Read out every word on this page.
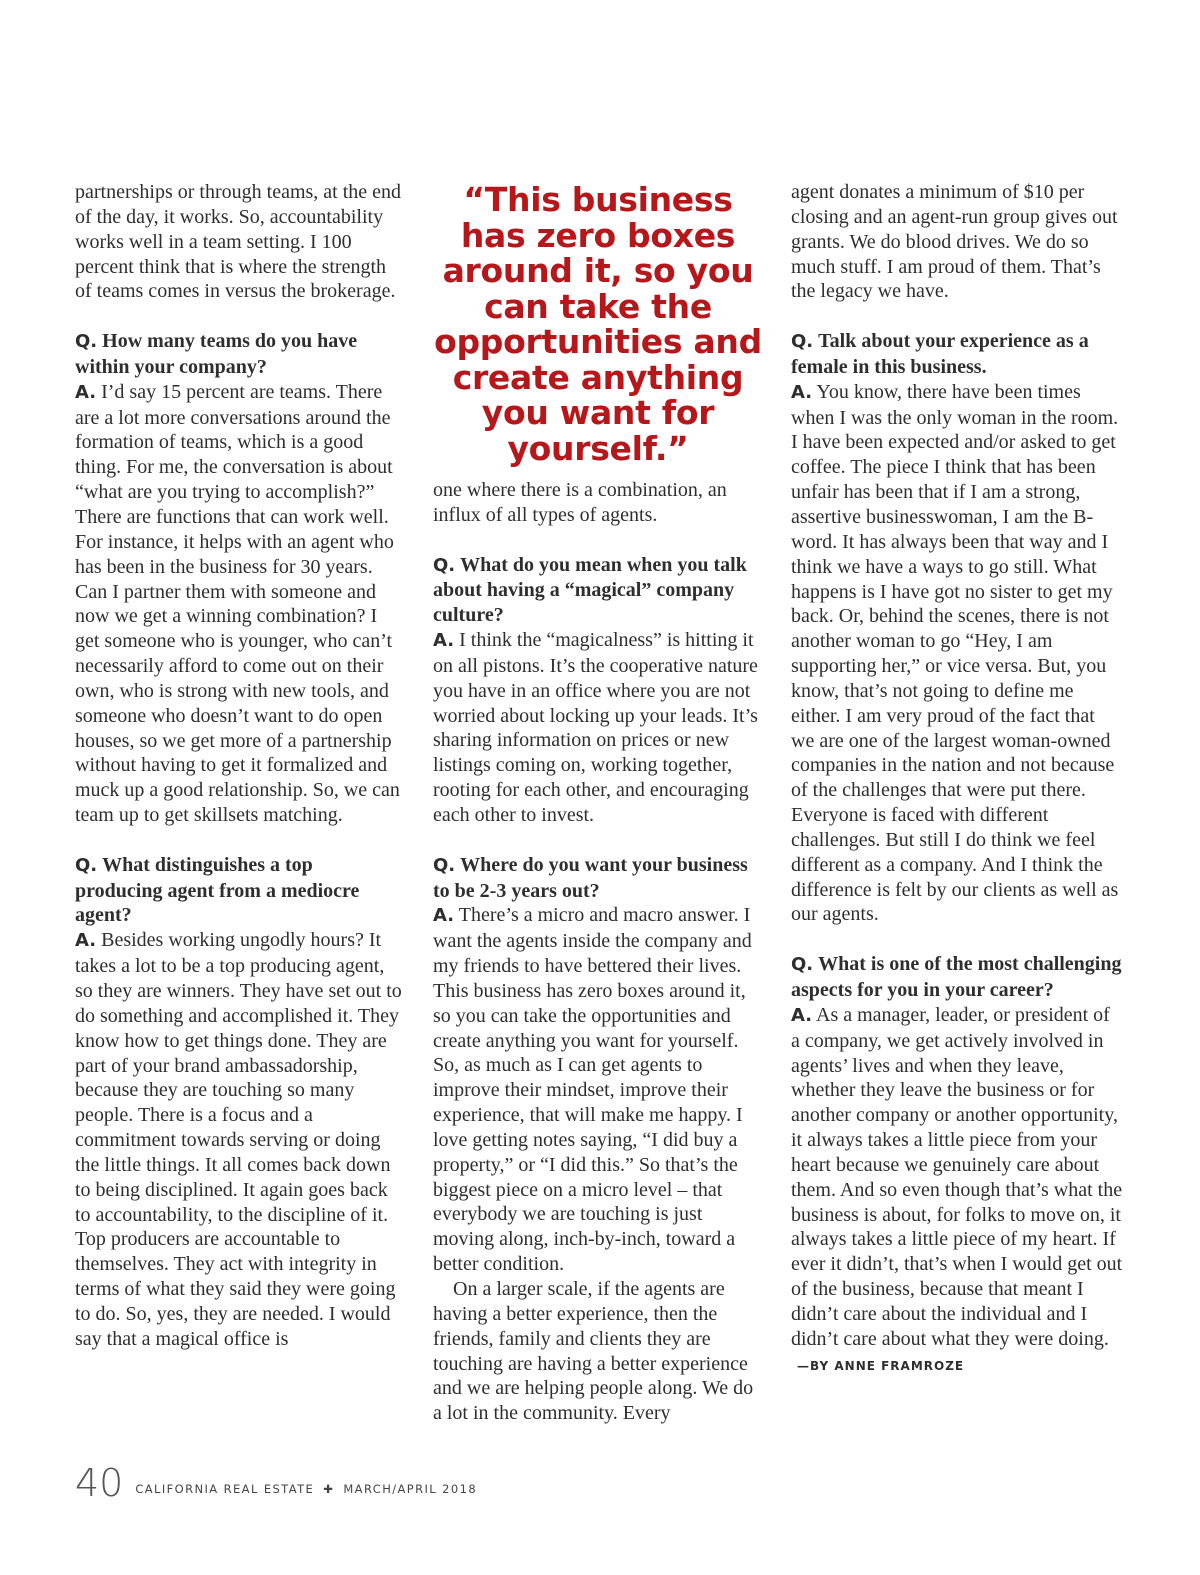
partnerships or through teams, at the end of the day, it works. So, accountability works well in a team setting. I 100 percent think that is where the strength of teams comes in versus the brokerage.

Q. How many teams do you have within your company?

A. I’d say 15 percent are teams. There are a lot more conversations around the formation of teams, which is a good thing. For me, the conversation is about “what are you trying to accomplish?” There are functions that can work well. For instance, it helps with an agent who has been in the business for 30 years. Can I partner them with someone and now we get a winning combination? I get someone who is younger, who can’t necessarily afford to come out on their own, who is strong with new tools, and someone who doesn’t want to do open houses, so we get more of a partnership without having to get it formalized and muck up a good relationship. So, we can team up to get skillsets matching.

Q. What distinguishes a top producing agent from a mediocre agent?

A. Besides working ungodly hours? It takes a lot to be a top producing agent, so they are winners. They have set out to do something and accomplished it. They know how to get things done. They are part of your brand ambassadorship, because they are touching so many people. There is a focus and a commitment towards serving or doing the little things. It all comes back down to being disciplined. It again goes back to accountability, to the discipline of it. Top producers are accountable to themselves. They act with integrity in terms of what they said they were going to do. So, yes, they are needed. I would say that a magical office is

“This business has zero boxes around it, so you can take the opportunities and create anything you want for yourself.”

one where there is a combination, an influx of all types of agents.

Q. What do you mean when you talk about having a “magical” company culture?

A. I think the “magicalness” is hitting it on all pistons. It’s the cooperative nature you have in an office where you are not worried about locking up your leads. It’s sharing information on prices or new listings coming on, working together, rooting for each other, and encouraging each other to invest.

Q. Where do you want your business to be 2-3 years out?

A. There’s a micro and macro answer. I want the agents inside the company and my friends to have bettered their lives. This business has zero boxes around it, so you can take the opportunities and create anything you want for yourself. So, as much as I can get agents to improve their mindset, improve their experience, that will make me happy. I love getting notes saying, “I did buy a property,” or “I did this.” So that’s the biggest piece on a micro level – that everybody we are touching is just moving along, inch-by-inch, toward a better condition.

On a larger scale, if the agents are having a better experience, then the friends, family and clients they are touching are having a better experience and we are helping people along. We do a lot in the community. Every

agent donates a minimum of $10 per closing and an agent-run group gives out grants. We do blood drives. We do so much stuff. I am proud of them. That’s the legacy we have.

Q. Talk about your experience as a female in this business.

A. You know, there have been times when I was the only woman in the room. I have been expected and/or asked to get coffee. The piece I think that has been unfair has been that if I am a strong, assertive businesswoman, I am the B-word. It has always been that way and I think we have a ways to go still. What happens is I have got no sister to get my back. Or, behind the scenes, there is not another woman to go “Hey, I am supporting her,” or vice versa. But, you know, that’s not going to define me either. I am very proud of the fact that we are one of the largest woman-owned companies in the nation and not because of the challenges that were put there. Everyone is faced with different challenges. But still I do think we feel different as a company. And I think the difference is felt by our clients as well as our agents.

Q. What is one of the most challenging aspects for you in your career?

A. As a manager, leader, or president of a company, we get actively involved in agents’ lives and when they leave, whether they leave the business or for another company or another opportunity, it always takes a little piece from your heart because we genuinely care about them. And so even though that’s what the business is about, for folks to move on, it always takes a little piece of my heart. If ever it didn’t, that’s when I would get out of the business, because that meant I didn’t care about the individual and I didn’t care about what they were doing.—BY ANNE FRAMROZE

40 CALIFORNIA REAL ESTATE ✚ MARCH/APRIL 2018
